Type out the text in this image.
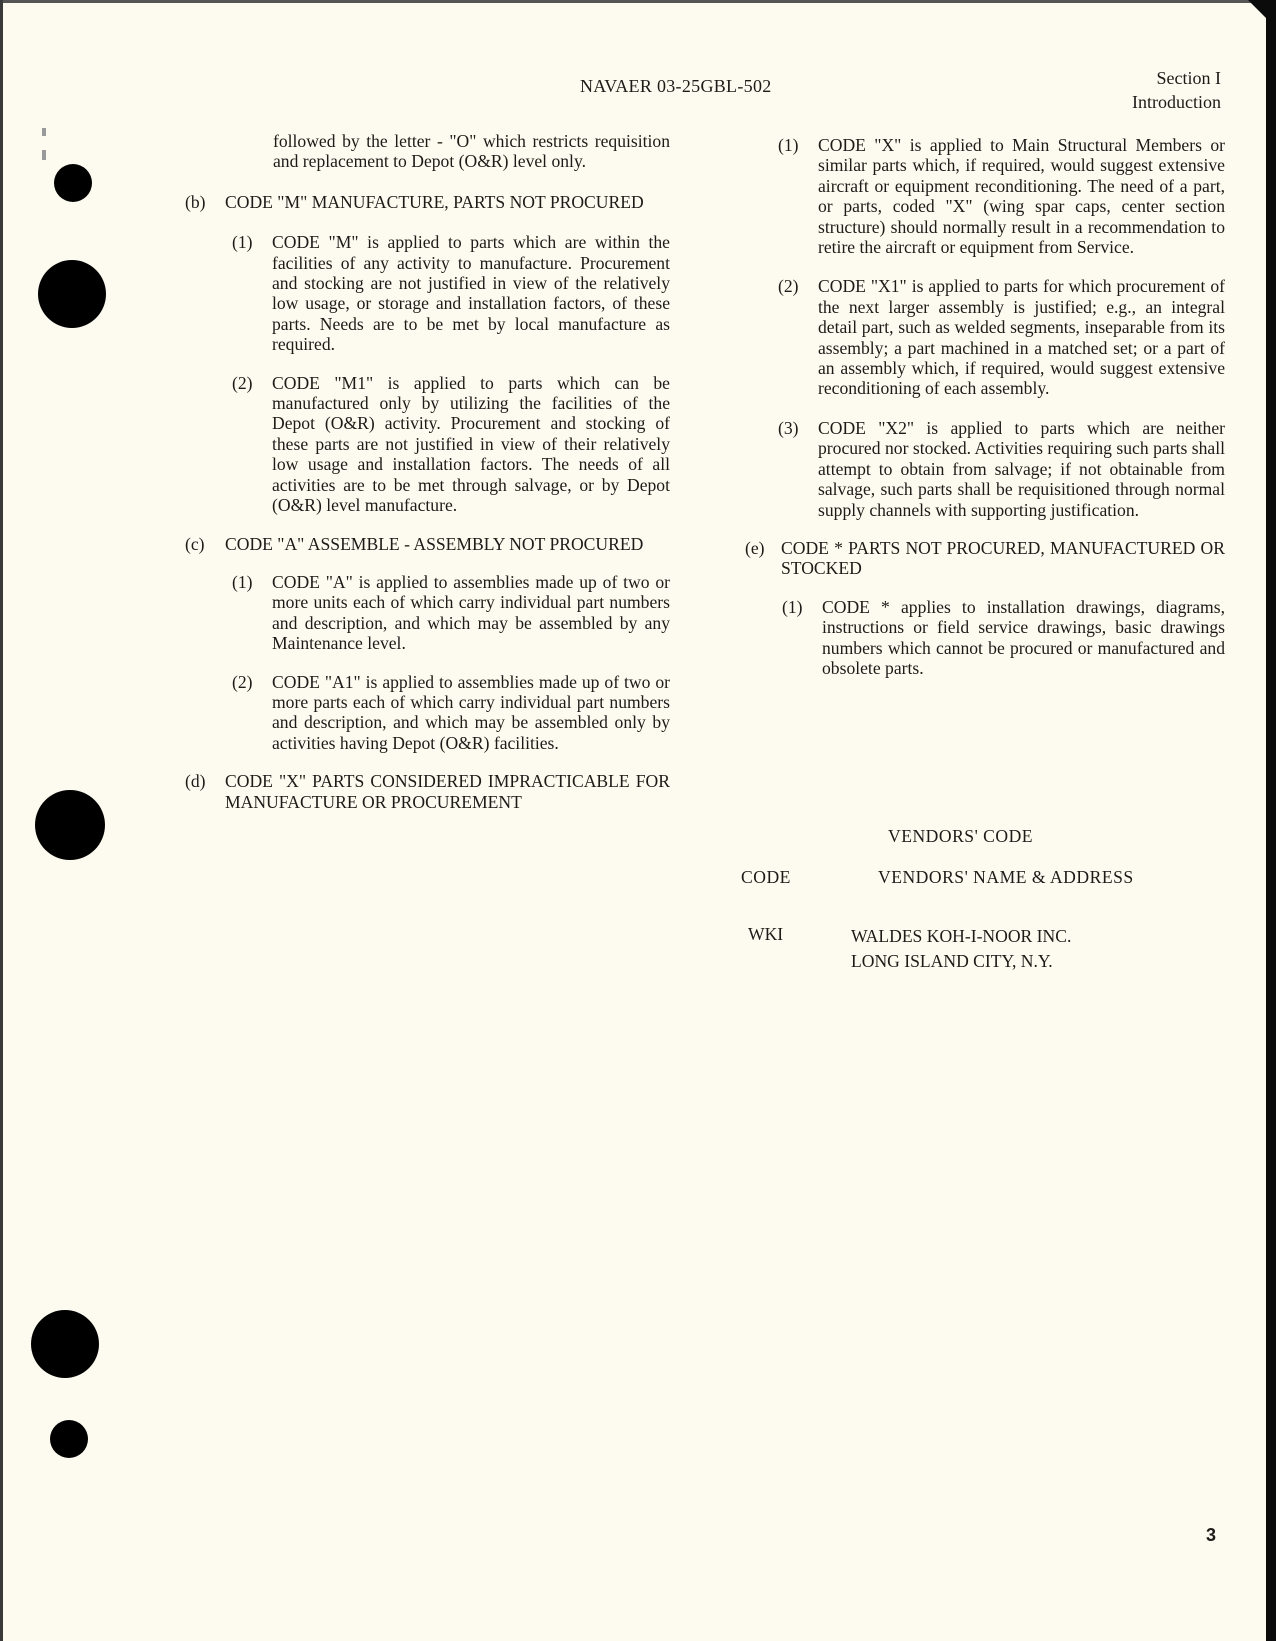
NAVAER 03-25GBL-502	Section I
Introduction
followed by the letter - "O" which restricts requisition and replacement to Depot (O&R) level only.
(b)	CODE "M" MANUFACTURE, PARTS NOT PROCURED
(1)	CODE "M" is applied to parts which are within the facilities of any activity to manufacture. Procurement and stocking are not justified in view of the relatively low usage, or storage and installation factors, of these parts. Needs are to be met by local manufacture as required.
(2)	CODE "M1" is applied to parts which can be manufactured only by utilizing the facilities of the Depot (O&R) activity. Procurement and stocking of these parts are not justified in view of their relatively low usage and installation factors. The needs of all activities are to be met through salvage, or by Depot (O&R) level manufacture.
(c)	CODE "A" ASSEMBLE - ASSEMBLY NOT PROCURED
(1)	CODE "A" is applied to assemblies made up of two or more units each of which carry individual part numbers and description, and which may be assembled by any Maintenance level.
(2)	CODE "A1" is applied to assemblies made up of two or more parts each of which carry individual part numbers and description, and which may be assembled only by activities having Depot (O&R) facilities.
(d)	CODE "X" PARTS CONSIDERED IMPRACTICABLE FOR MANUFACTURE OR PROCUREMENT
(1)	CODE "X" is applied to Main Structural Members or similar parts which, if required, would suggest extensive aircraft or equipment reconditioning. The need of a part, or parts, coded "X" (wing spar caps, center section structure) should normally result in a recommendation to retire the aircraft or equipment from Service.
(2)	CODE "X1" is applied to parts for which procurement of the next larger assembly is justified; e.g., an integral detail part, such as welded segments, inseparable from its assembly; a part machined in a matched set; or a part of an assembly which, if required, would suggest extensive reconditioning of each assembly.
(3)	CODE "X2" is applied to parts which are neither procured nor stocked. Activities requiring such parts shall attempt to obtain from salvage; if not obtainable from salvage, such parts shall be requisitioned through normal supply channels with supporting justification.
(e) CODE * PARTS NOT PROCURED, MANUFACTURED OR STOCKED
(1)	CODE * applies to installation drawings, diagrams, instructions or field service drawings, basic drawings numbers which cannot be procured or manufactured and obsolete parts.
VENDORS' CODE
CODE	VENDORS' NAME & ADDRESS
WKI	WALDES KOH-I-NOOR INC.
LONG ISLAND CITY, N.Y.
3
